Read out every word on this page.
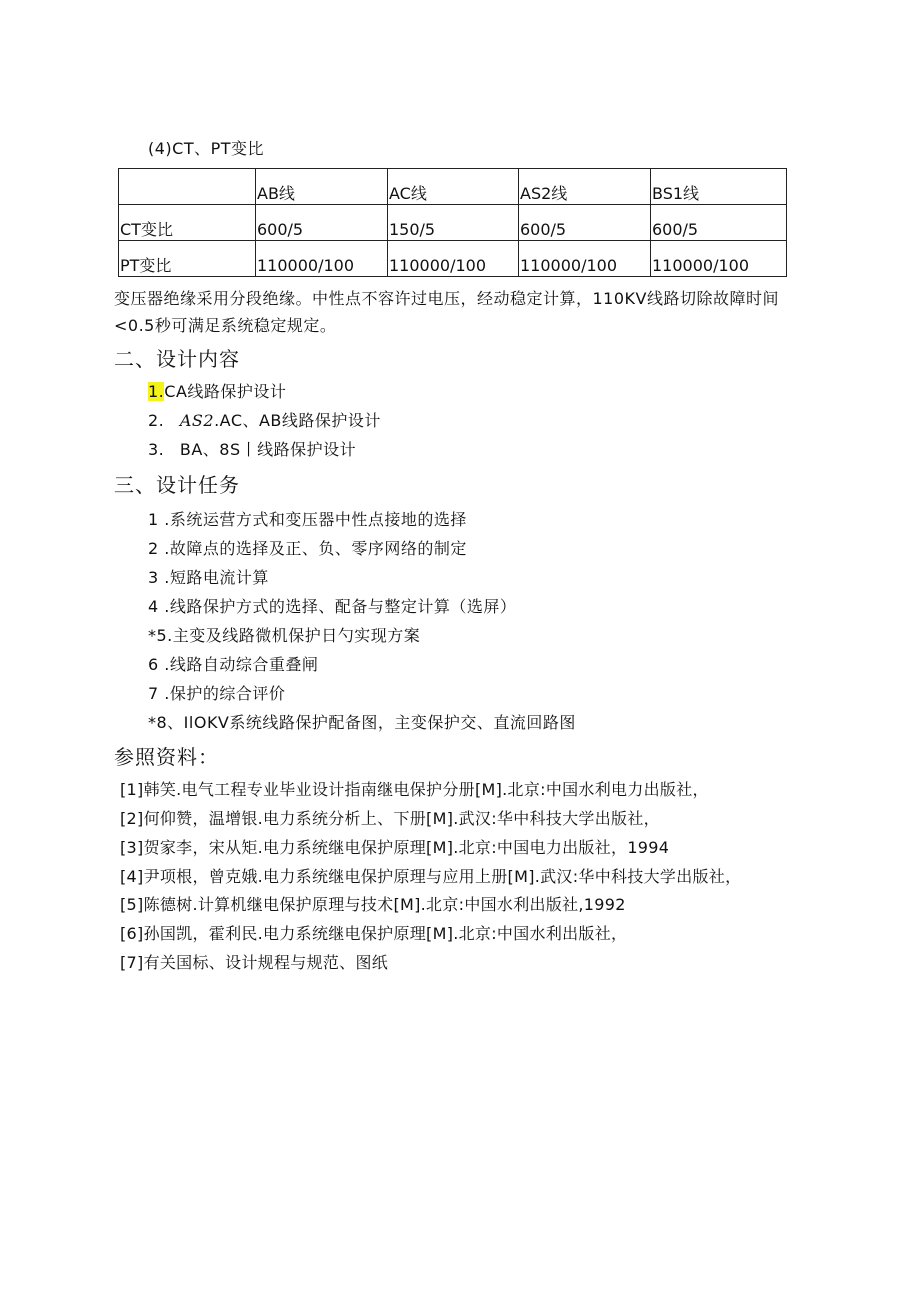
(4)CT、PT变比
	AB线	AC线	AS2线	BS1线
CT变比	600/5	150/5	600/5	600/5
PT变比	110000/100	110000/100	110000/100	110000/100
变压器绝缘采用分段绝缘。中性点不容许过电压，经动稳定计算，110KV线路切除故障时间
<0.5秒可满足系统稳定规定。
二、设计内容
1.CA线路保护设计
2. AS2.AC、AB线路保护设计
3. BA、8S丨线路保护设计
三、设计任务
1 .系统运营方式和变压器中性点接地的选择
2 .故障点的选择及正、负、零序网络的制定
3 .短路电流计算
4 .线路保护方式的选择、配备与整定计算（选屏）
*5.主变及线路微机保护日勺实现方案
6 .线路自动综合重叠闸
7 .保护的综合评价
*8、IlOKV系统线路保护配备图，主变保护交、直流回路图
参照资料：
[1]韩笑.电气工程专业毕业设计指南继电保护分册[M].北京:中国水利电力出版社，
[2]何仰赞，温增银.电力系统分析上、下册[M].武汉:华中科技大学出版社，
[3]贺家李，宋从矩.电力系统继电保护原理[M].北京:中国电力出版社，1994
[4]尹项根，曾克娥.电力系统继电保护原理与应用上册[M].武汉:华中科技大学出版社，
[5]陈德树.计算机继电保护原理与技术[M].北京:中国水利出版社,1992
[6]孙国凯，霍利民.电力系统继电保护原理[M].北京:中国水利出版社，
[7]有关国标、设计规程与规范、图纸
